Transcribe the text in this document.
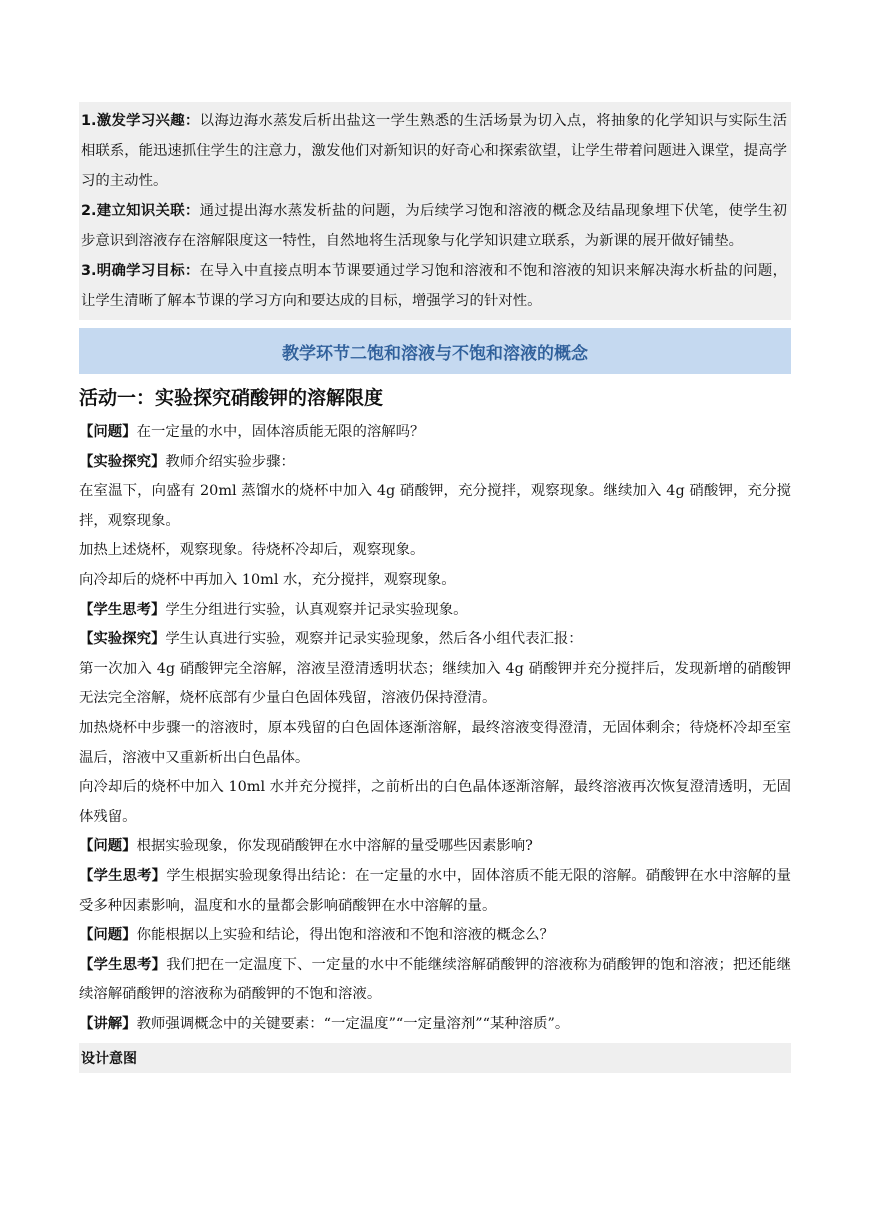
1.激发学习兴趣：以海边海水蒸发后析出盐这一学生熟悉的生活场景为切入点，将抽象的化学知识与实际生活相联系，能迅速抓住学生的注意力，激发他们对新知识的好奇心和探索欲望，让学生带着问题进入课堂，提高学习的主动性。

2.建立知识关联：通过提出海水蒸发析盐的问题，为后续学习饱和溶液的概念及结晶现象埋下伏笔，使学生初步意识到溶液存在溶解限度这一特性，自然地将生活现象与化学知识建立联系，为新课的展开做好铺垫。

3.明确学习目标：在导入中直接点明本节课要通过学习饱和溶液和不饱和溶液的知识来解决海水析盐的问题，让学生清晰了解本节课的学习方向和要达成的目标，增强学习的针对性。

教学环节二饱和溶液与不饱和溶液的概念
活动一：实验探究硝酸钾的溶解限度

【问题】在一定量的水中，固体溶质能无限的溶解吗？

【实验探究】教师介绍实验步骤：

在室温下，向盛有 20ml 蒸馏水的烧杯中加入 4g 硝酸钾，充分搅拌，观察现象。继续加入 4g 硝酸钾，充分搅拌，观察现象。

加热上述烧杯，观察现象。待烧杯冷却后，观察现象。

向冷却后的烧杯中再加入 10ml 水，充分搅拌，观察现象。

【学生思考】学生分组进行实验，认真观察并记录实验现象。

【实验探究】学生认真进行实验，观察并记录实验现象，然后各小组代表汇报：

第一次加入 4g 硝酸钾完全溶解，溶液呈澄清透明状态；继续加入 4g 硝酸钾并充分搅拌后，发现新增的硝酸钾无法完全溶解，烧杯底部有少量白色固体残留，溶液仍保持澄清。

加热烧杯中步骤一的溶液时，原本残留的白色固体逐渐溶解，最终溶液变得澄清，无固体剩余；待烧杯冷却至室温后，溶液中又重新析出白色晶体。

向冷却后的烧杯中加入 10ml 水并充分搅拌，之前析出的白色晶体逐渐溶解，最终溶液再次恢复澄清透明，无固体残留。

【问题】根据实验现象，你发现硝酸钾在水中溶解的量受哪些因素影响?

【学生思考】学生根据实验现象得出结论：在一定量的水中，固体溶质不能无限的溶解。硝酸钾在水中溶解的量受多种因素影响，温度和水的量都会影响硝酸钾在水中溶解的量。

【问题】你能根据以上实验和结论，得出饱和溶液和不饱和溶液的概念么？

【学生思考】我们把在一定温度下、一定量的水中不能继续溶解硝酸钾的溶液称为硝酸钾的饱和溶液；把还能继续溶解硝酸钾的溶液称为硝酸钾的不饱和溶液。

【讲解】教师强调概念中的关键要素：“一定温度”“一定量溶剂”“某种溶质”。

设计意图
